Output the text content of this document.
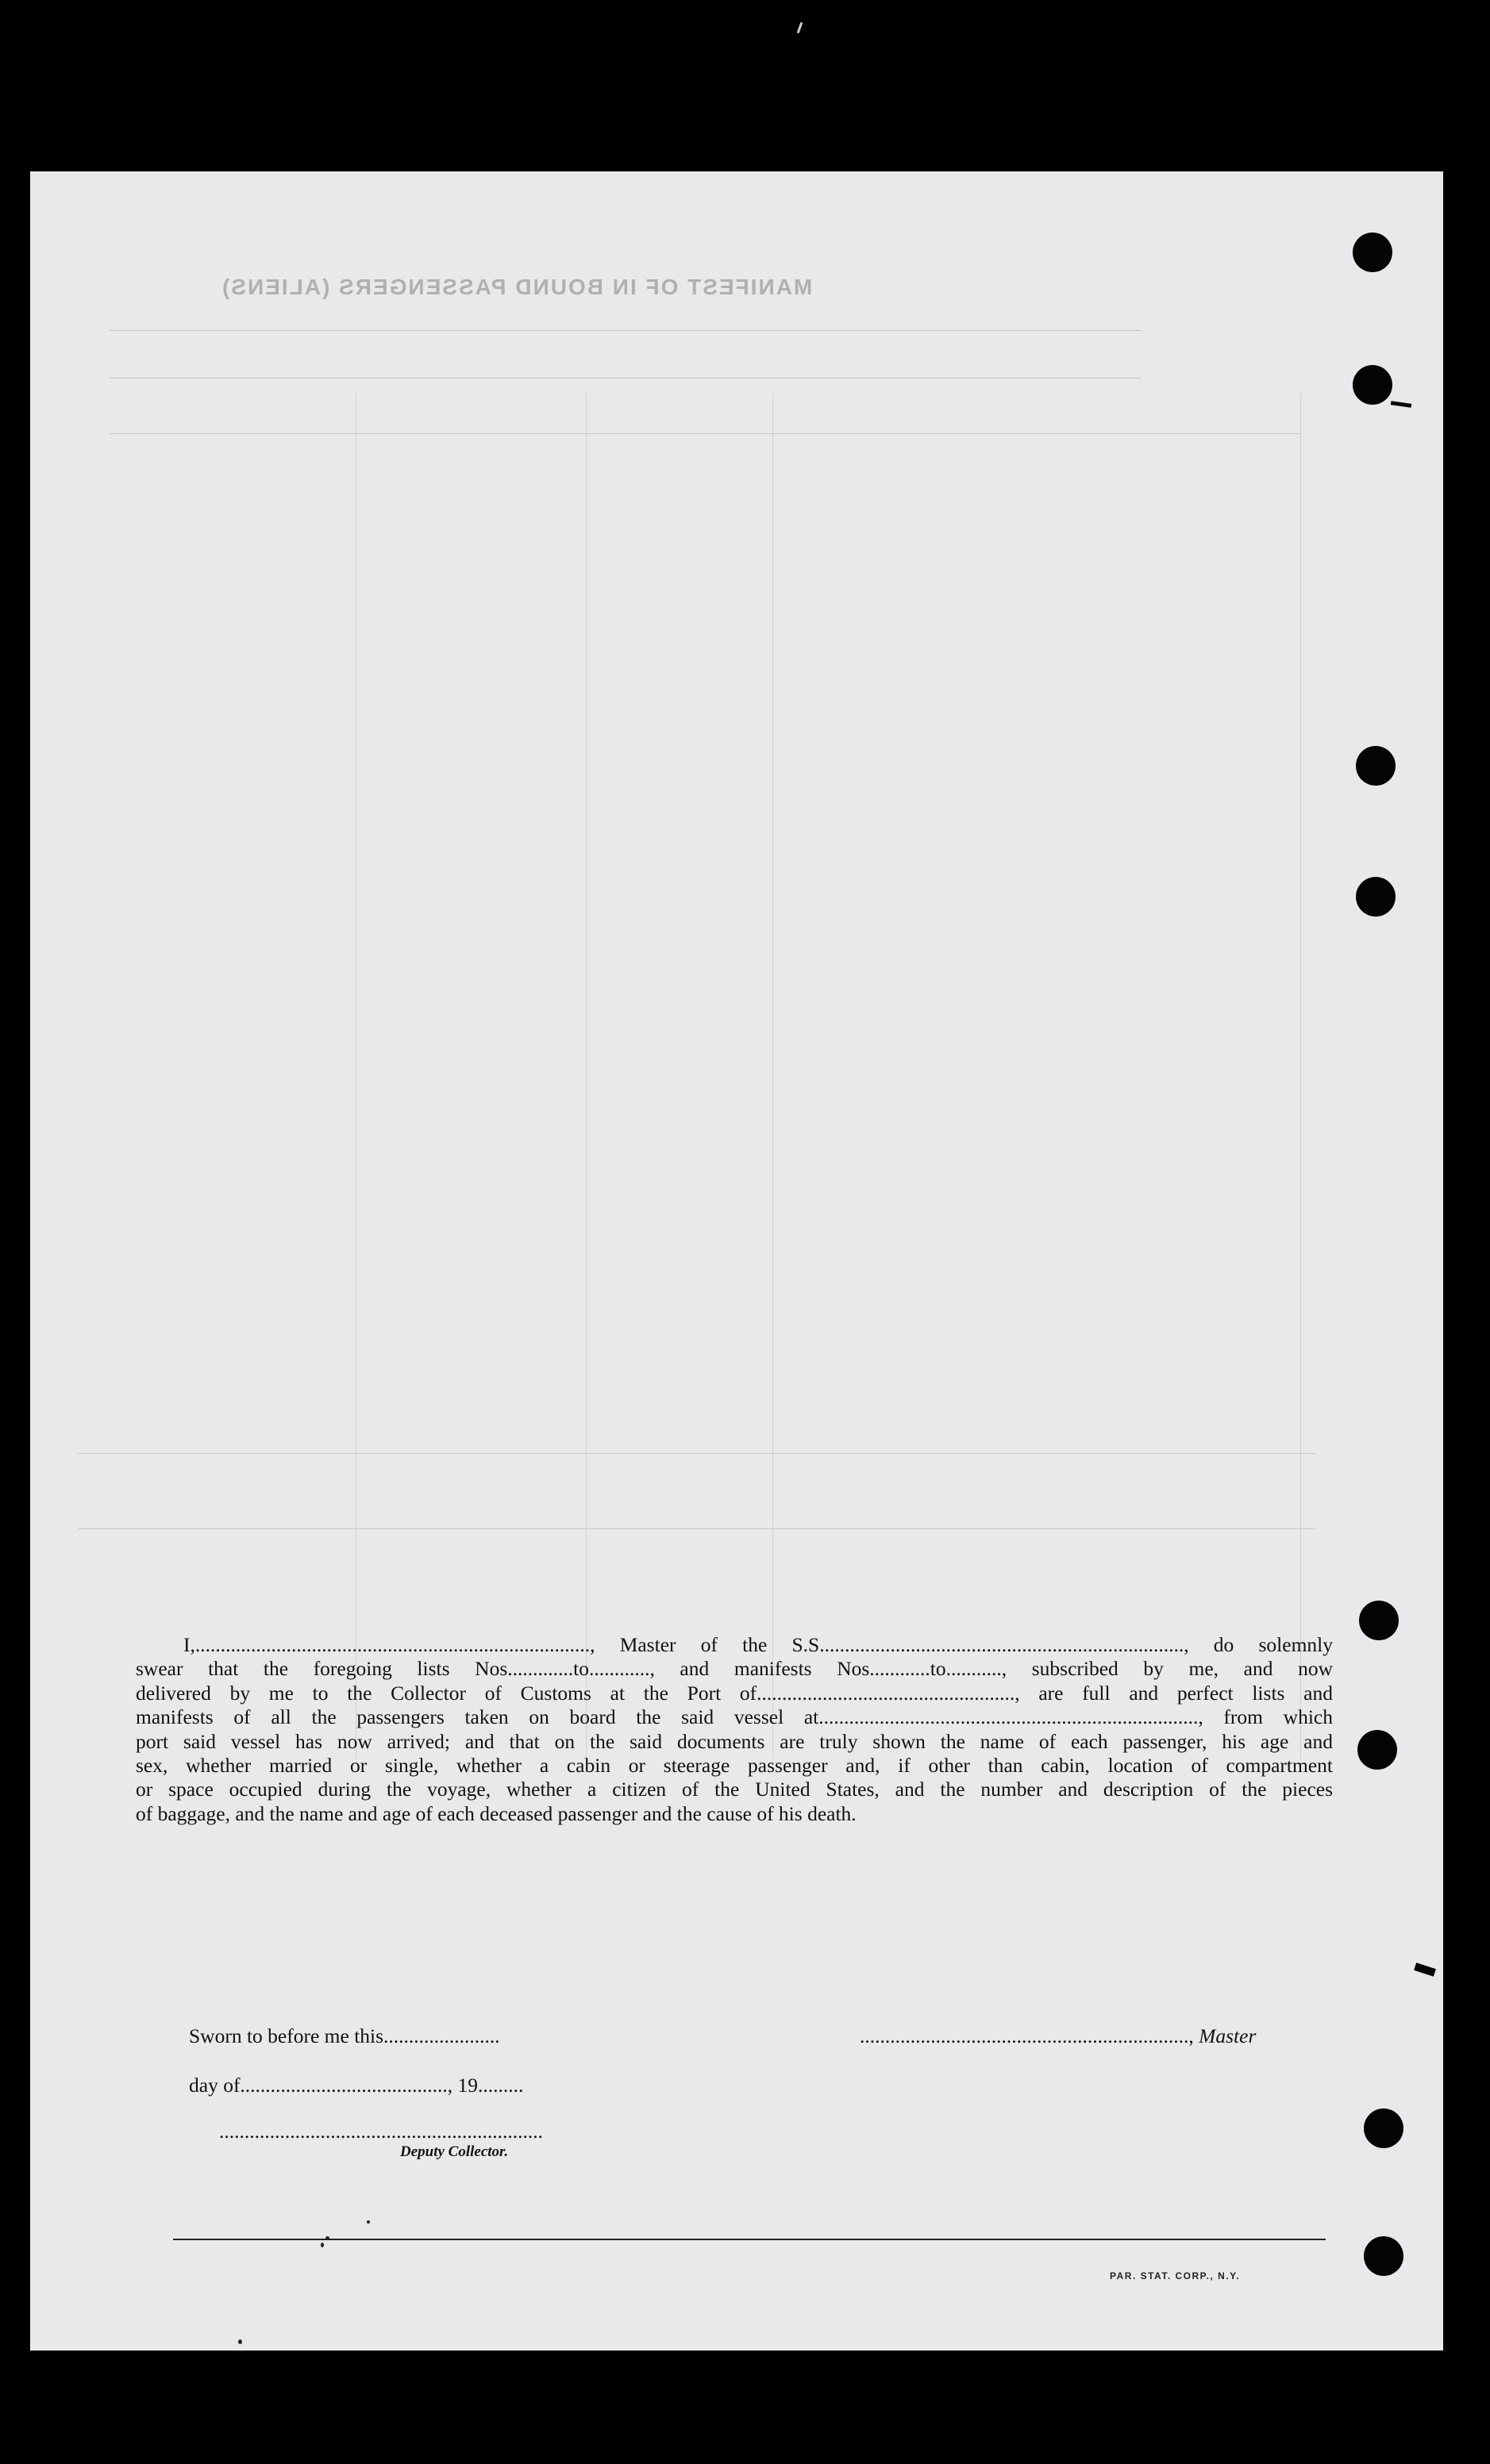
MANIFEST OF IN BOUND PASSENGERS (ALIENS)

I,.............................................................................., Master of the S.S........................................................................, do solemnly

swear that the foregoing lists Nos.............to............, and manifests Nos............to..........., subscribed by me, and now

delivered by me to the Collector of Customs at the Port of..................................................., are full and perfect lists and

manifests of all the passengers taken on board the said vessel at..........................................................................., from which

port said vessel has now arrived; and that on the said documents are truly shown the name of each passenger, his age and

sex, whether married or single, whether a cabin or steerage passenger and, if other than cabin, location of compartment

or space occupied during the voyage, whether a citizen of the United States, and the number and description of the pieces

of baggage, and the name and age of each deceased passenger and the cause of his death.

Sworn to before me this.......................	................................................................., Master
day of........................................., 19.........
................................................................
Deputy Collector.
PAR. STAT. CORP., N.Y.
